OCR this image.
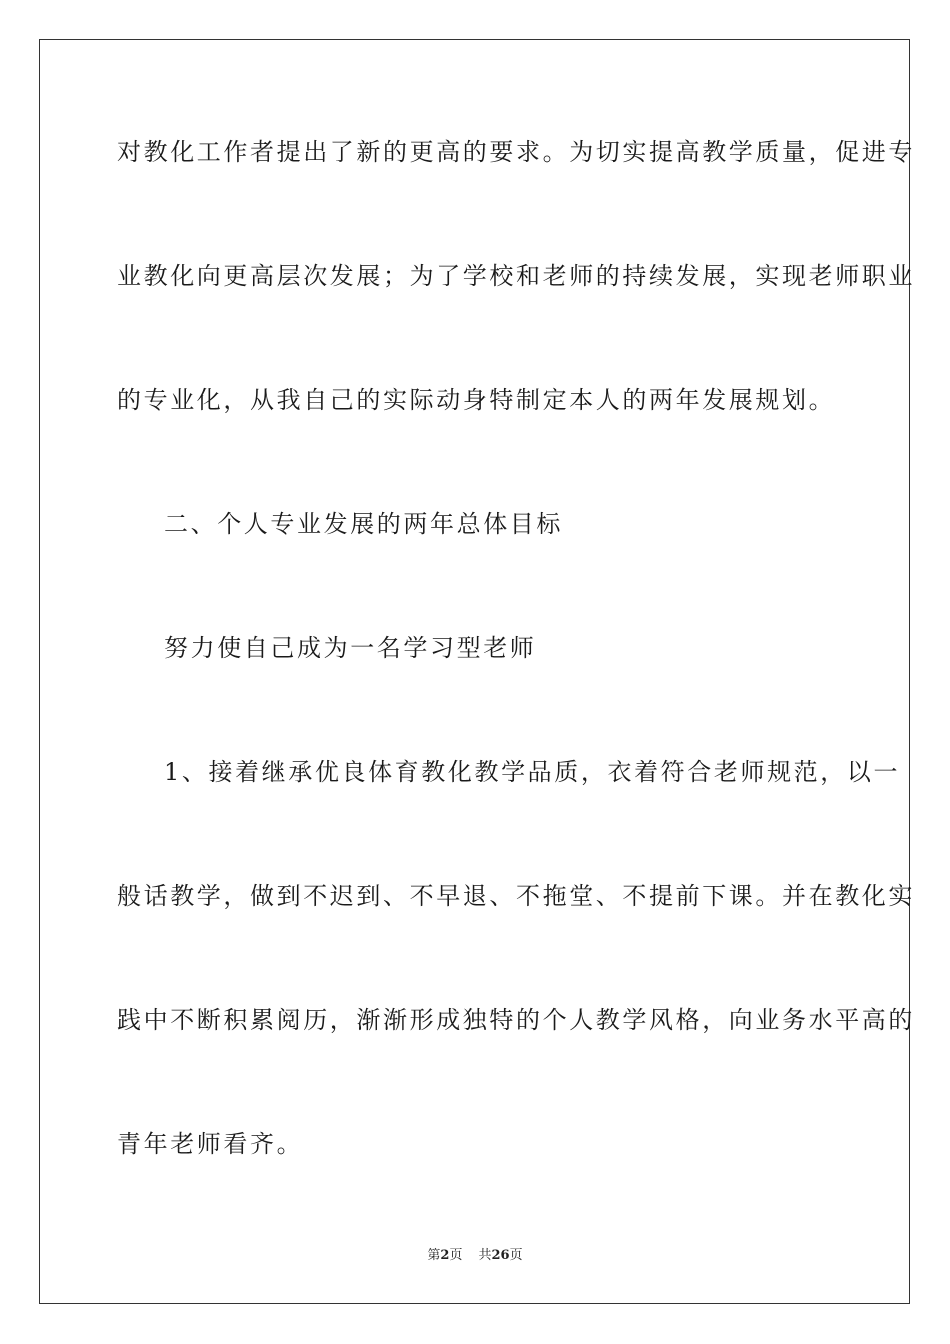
对教化工作者提出了新的更高的要求。为切实提高教学质量，促进专
业教化向更高层次发展；为了学校和老师的持续发展，实现老师职业
的专业化，从我自己的实际动身特制定本人的两年发展规划。
二、个人专业发展的两年总体目标
努力使自己成为一名学习型老师
1、接着继承优良体育教化教学品质，衣着符合老师规范，以一
般话教学，做到不迟到、不早退、不拖堂、不提前下课。并在教化实
践中不断积累阅历，渐渐形成独特的个人教学风格，向业务水平高的
青年老师看齐。
第2页 共26页
